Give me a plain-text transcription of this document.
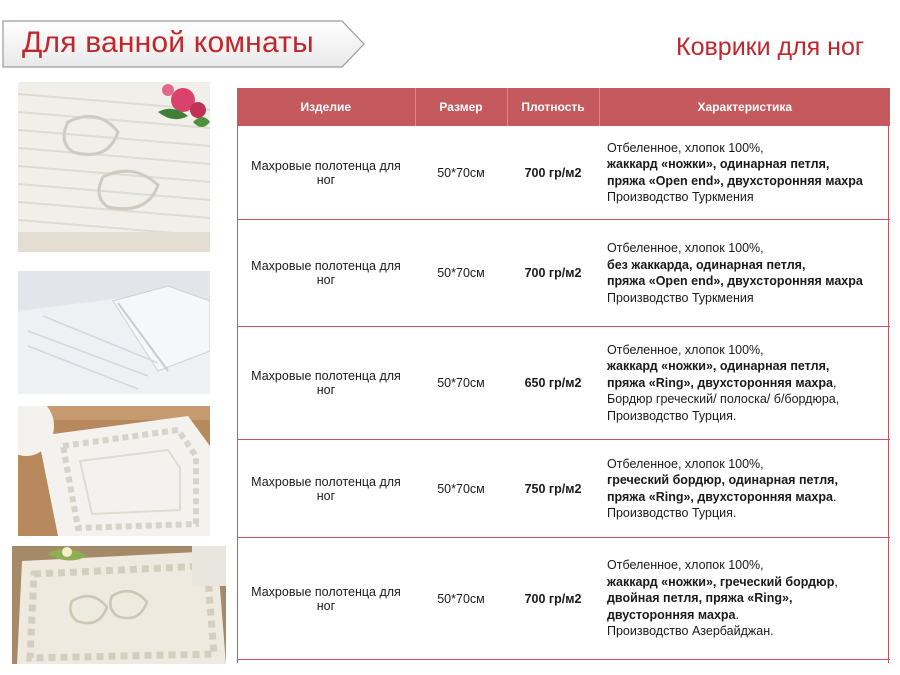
Для ванной комнаты	Коврики для ног
Изделие	Размер	Плотность	Характеристика
Махровые полотенца для ног	50*70см	700 гр/м2	Отбеленное, хлопок 100%,
жаккард «ножки», одинарная петля,
пряжа «Open end», двухсторонняя махра
Производство Туркмения

Махровые полотенца для ног	50*70см	700 гр/м2	Отбеленное, хлопок 100%,
без жаккарда, одинарная петля,
пряжа «Open end», двухсторонняя махра
Производство Туркмения

Махровые полотенца для ног	50*70см	650 гр/м2	Отбеленное, хлопок 100%,
жаккард «ножки», одинарная петля,
пряжа «Ring», двухсторонняя махра,
Бордюр греческий/ полоска/ б/бордюра,
Производство Турция.

Махровые полотенца для ног	50*70см	750 гр/м2	Отбеленное, хлопок 100%,
греческий бордюр, одинарная петля,
пряжа «Ring», двухсторонняя махра.
Производство Турция.

Махровые полотенца для ног	50*70см	700 гр/м2	Отбеленное, хлопок 100%,
жаккард «ножки», греческий бордюр,
двойная петля, пряжа «Ring»,
двусторонняя махра.
Производство Азербайджан.
